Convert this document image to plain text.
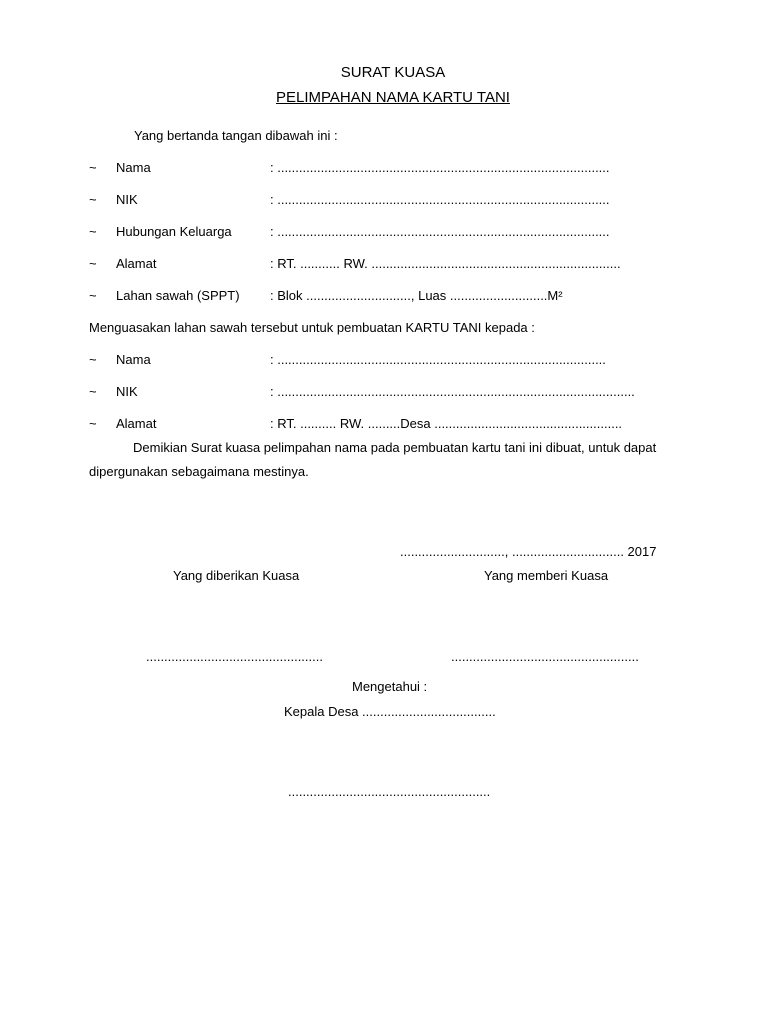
SURAT KUASA
PELIMPAHAN NAMA KARTU TANI
Yang bertanda tangan dibawah ini :
~ Nama	: ............................................................................................
~ NIK	: ............................................................................................
~ Hubungan Keluarga	: ............................................................................................
~ Alamat	: RT. ........... RW. .....................................................................
~ Lahan sawah (SPPT) : Blok ............................., Luas ...........................M²
Menguasakan lahan sawah tersebut untuk pembuatan KARTU TANI kepada :
~ Nama	: ...........................................................................................
~ NIK	: ...................................................................................................
~ Alamat	: RT. .......... RW. .........Desa ....................................................
Demikian Surat kuasa pelimpahan nama pada pembuatan kartu tani ini dibuat, untuk dapat dipergunakan sebagaimana mestinya.
............................., ............................... 2017
Yang diberikan Kuasa	Yang memberi Kuasa
.................................................	....................................................
Mengetahui :
Kepala Desa .....................................
........................................................
